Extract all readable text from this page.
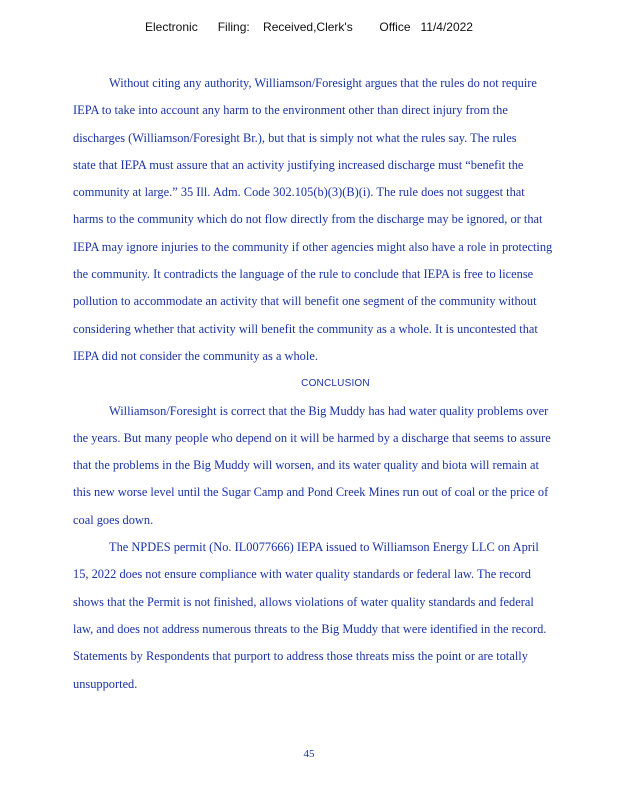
Electronic      Filing:    Received,Clerk's        Office   11/4/2022
Without citing any authority, Williamson/Foresight argues that the rules do not require
IEPA to take into account any harm to the environment other than direct injury from the
discharges (Williamson/Foresight Br.), but that is simply not what the rules say. The rules
state that IEPA must assure that an activity justifying increased discharge must “benefit the
community at large.” 35 Ill. Adm. Code 302.105(b)(3)(B)(i). The rule does not suggest that
harms to the community which do not flow directly from the discharge may be ignored, or that
IEPA may ignore injuries to the community if other agencies might also have a role in protecting
the community. It contradicts the language of the rule to conclude that IEPA is free to license
pollution to accommodate an activity that will benefit one segment of the community without
considering whether that activity will benefit the community as a whole. It is uncontested that
IEPA did not consider the community as a whole.
CONCLUSION
Williamson/Foresight is correct that the Big Muddy has had water quality problems over
the years. But many people who depend on it will be harmed by a discharge that seems to assure
that the problems in the Big Muddy will worsen, and its water quality and biota will remain at
this new worse level until the Sugar Camp and Pond Creek Mines run out of coal or the price of
coal goes down.
The NPDES permit (No. IL0077666) IEPA issued to Williamson Energy LLC on April
15, 2022 does not ensure compliance with water quality standards or federal law. The record
shows that the Permit is not finished, allows violations of water quality standards and federal
law, and does not address numerous threats to the Big Muddy that were identified in the record.
Statements by Respondents that purport to address those threats miss the point or are totally
unsupported.
45
